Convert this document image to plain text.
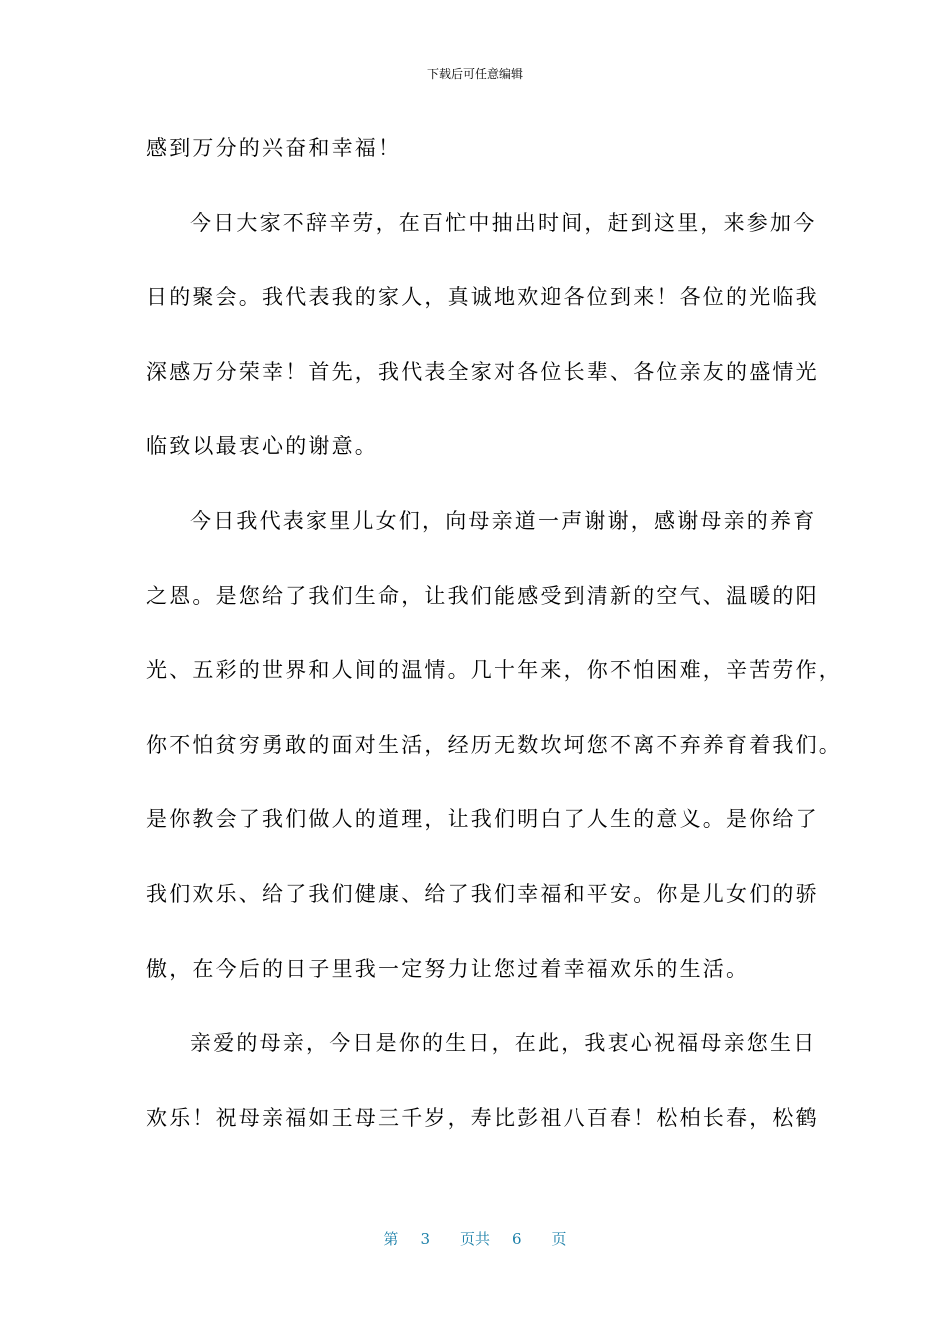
下载后可任意编辑
感到万分的兴奋和幸福！
今日大家不辞辛劳，在百忙中抽出时间，赶到这里，来参加今
日的聚会。我代表我的家人，真诚地欢迎各位到来！各位的光临我
深感万分荣幸！首先，我代表全家对各位长辈、各位亲友的盛情光
临致以最衷心的谢意。
今日我代表家里儿女们，向母亲道一声谢谢，感谢母亲的养育
之恩。是您给了我们生命，让我们能感受到清新的空气、温暖的阳
光、五彩的世界和人间的温情。几十年来，你不怕困难，辛苦劳作，
你不怕贫穷勇敢的面对生活，经历无数坎坷您不离不弃养育着我们。
是你教会了我们做人的道理，让我们明白了人生的意义。是你给了
我们欢乐、给了我们健康、给了我们幸福和平安。你是儿女们的骄
傲，在今后的日子里我一定努力让您过着幸福欢乐的生活。
亲爱的母亲，今日是你的生日，在此，我衷心祝福母亲您生日
欢乐！祝母亲福如王母三千岁，寿比彭祖八百春！松柏长春，松鹤
第 3 页共 6 页
